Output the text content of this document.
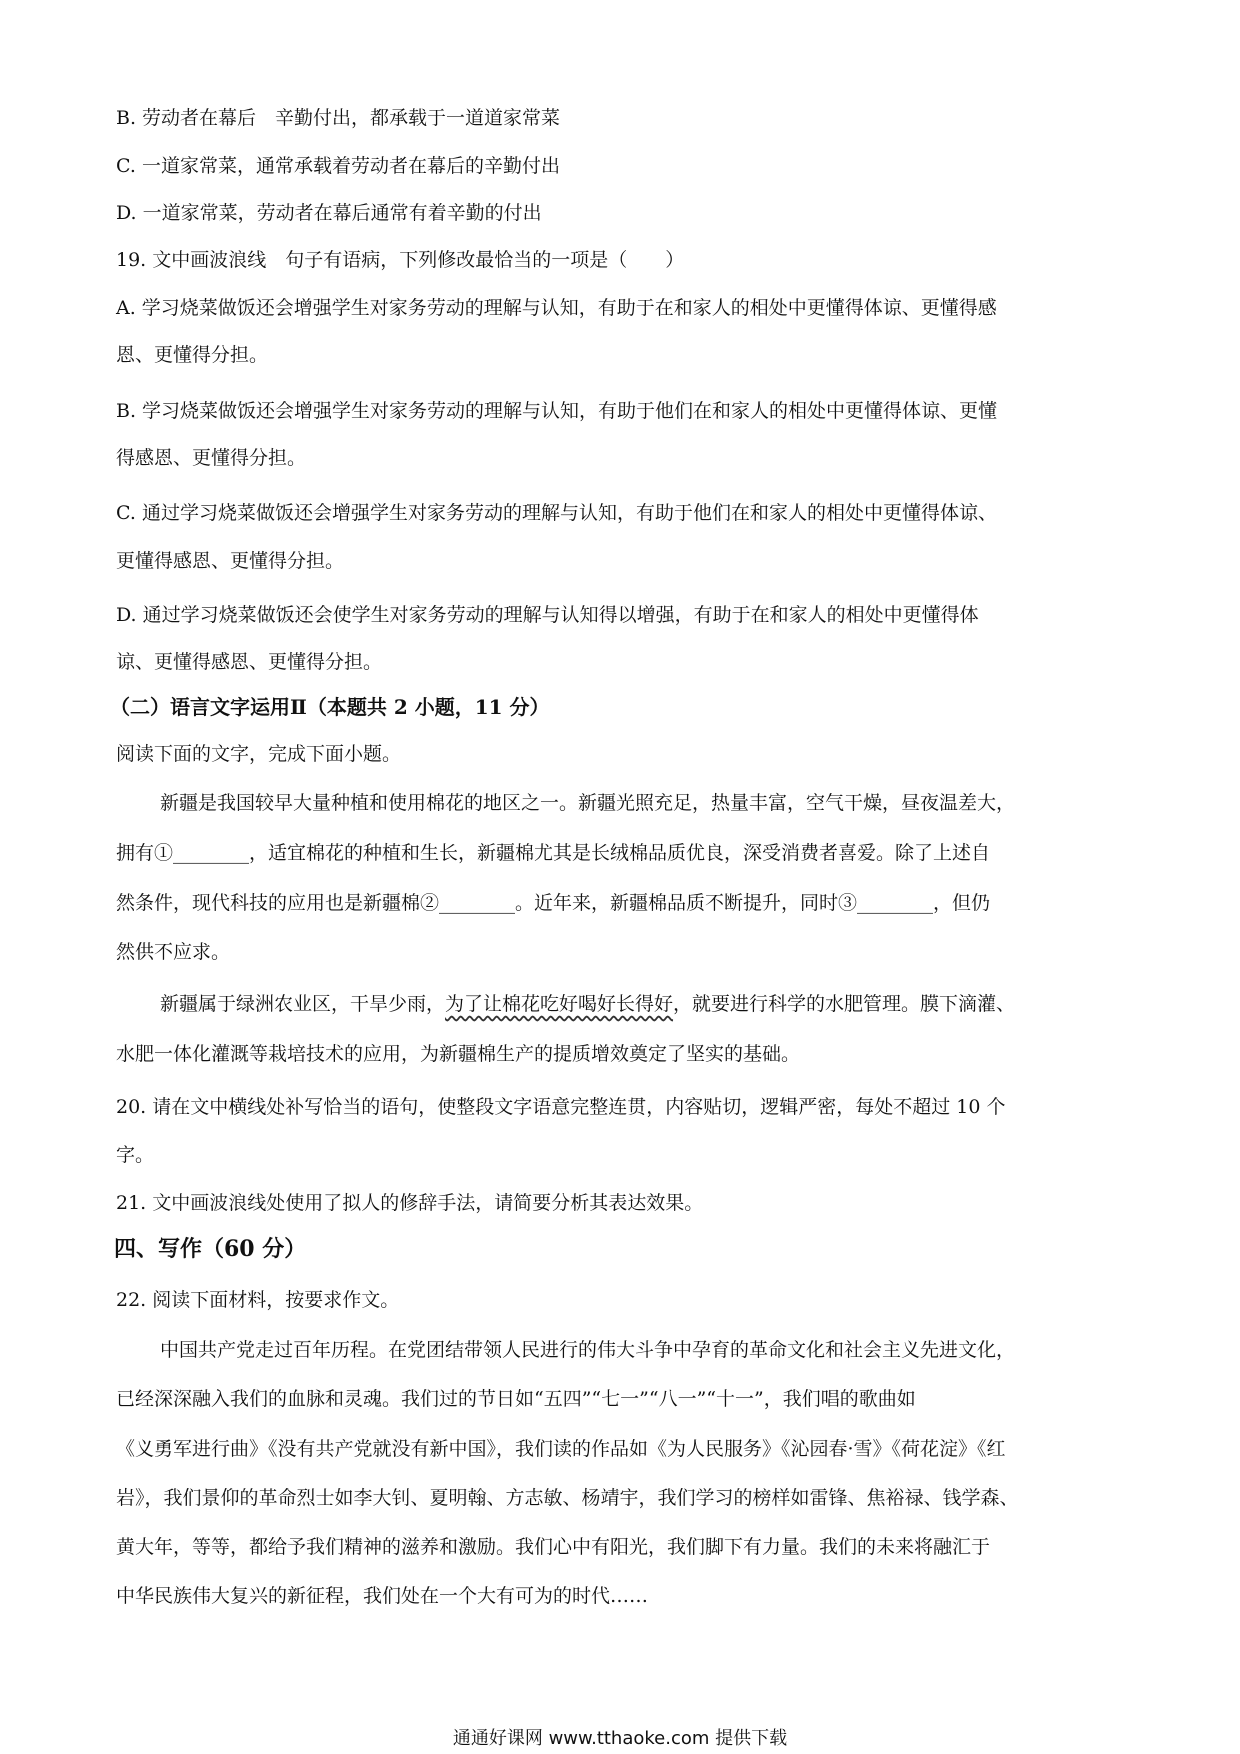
B. 劳动者在幕后　辛勤付出，都承载于一道道家常菜
C. 一道家常菜，通常承载着劳动者在幕后的辛勤付出
D. 一道家常菜，劳动者在幕后通常有着辛勤的付出
19. 文中画波浪线　句子有语病，下列修改最恰当的一项是（　　）
A. 学习烧菜做饭还会增强学生对家务劳动的理解与认知，有助于在和家人的相处中更懂得体谅、更懂得感
恩、更懂得分担。
B. 学习烧菜做饭还会增强学生对家务劳动的理解与认知，有助于他们在和家人的相处中更懂得体谅、更懂
得感恩、更懂得分担。
C. 通过学习烧菜做饭还会增强学生对家务劳动的理解与认知，有助于他们在和家人的相处中更懂得体谅、
更懂得感恩、更懂得分担。
D. 通过学习烧菜做饭还会使学生对家务劳动的理解与认知得以增强，有助于在和家人的相处中更懂得体
谅、更懂得感恩、更懂得分担。
（二）语言文字运用Ⅱ（本题共 2 小题，11 分）
阅读下面的文字，完成下面小题。
新疆是我国较早大量种植和使用棉花的地区之一。新疆光照充足，热量丰富，空气干燥，昼夜温差大，
拥有①________，适宜棉花的种植和生长，新疆棉尤其是长绒棉品质优良，深受消费者喜爱。除了上述自
然条件，现代科技的应用也是新疆棉②________。近年来，新疆棉品质不断提升，同时③________，但仍
然供不应求。
新疆属于绿洲农业区，干旱少雨，为了让棉花吃好喝好长得好，就要进行科学的水肥管理。膜下滴灌、
水肥一体化灌溉等栽培技术的应用，为新疆棉生产的提质增效奠定了坚实的基础。
20. 请在文中横线处补写恰当的语句，使整段文字语意完整连贯，内容贴切，逻辑严密，每处不超过 10 个
字。
21. 文中画波浪线处使用了拟人的修辞手法，请简要分析其表达效果。
四、写作（60 分）
22. 阅读下面材料，按要求作文。
中国共产党走过百年历程。在党团结带领人民进行的伟大斗争中孕育的革命文化和社会主义先进文化，
已经深深融入我们的血脉和灵魂。我们过的节日如“五四”“七一”“八一”“十一”，我们唱的歌曲如
《义勇军进行曲》《没有共产党就没有新中国》，我们读的作品如《为人民服务》《沁园春·雪》《荷花淀》《红
岩》，我们景仰的革命烈士如李大钊、夏明翰、方志敏、杨靖宇，我们学习的榜样如雷锋、焦裕禄、钱学森、
黄大年，等等，都给予我们精神的滋养和激励。我们心中有阳光，我们脚下有力量。我们的未来将融汇于
中华民族伟大复兴的新征程，我们处在一个大有可为的时代……
通通好课网 www.tthaoke.com 提供下载
